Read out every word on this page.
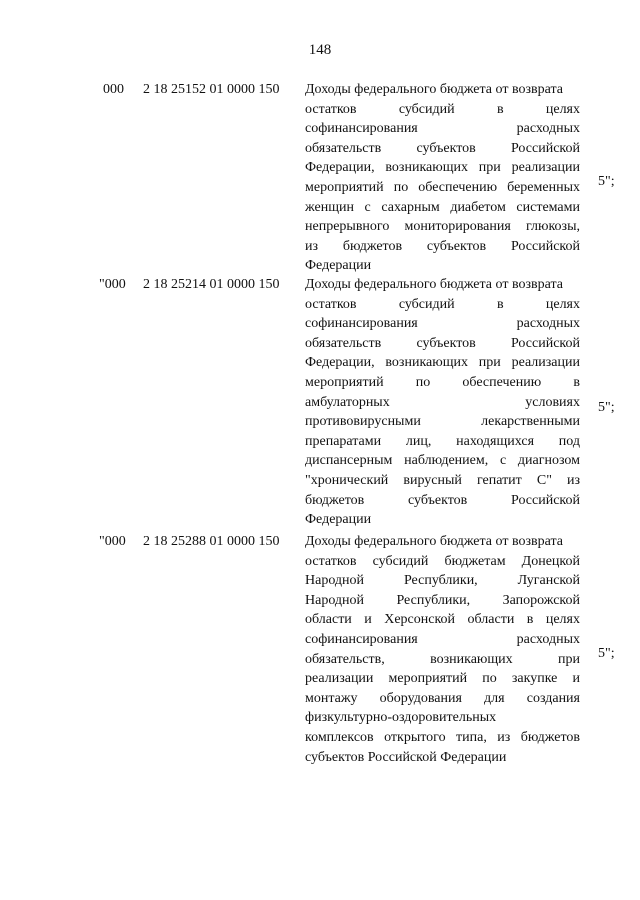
148
000 2 18 25152 01 0000 150 Доходы федерального бюджета от возврата
остатков субсидий в целях
софинансирования расходных
обязательств субъектов Российской
Федерации, возникающих при реализации
мероприятий по обеспечению беременных
женщин с сахарным диабетом системами
непрерывного мониторирования глюкозы,
из бюджетов субъектов Российской
Федерации
5";
"000 2 18 25214 01 0000 150 Доходы федерального бюджета от возврата
остатков субсидий в целях
софинансирования расходных
обязательств субъектов Российской
Федерации, возникающих при реализации
мероприятий по обеспечению в
амбулаторных условиях
противовирусными лекарственными
препаратами лиц, находящихся под
диспансерным наблюдением, с диагнозом
"хронический вирусный гепатит С" из
бюджетов субъектов Российской
Федерации
5";
"000 2 18 25288 01 0000 150 Доходы федерального бюджета от возврата
остатков субсидий бюджетам Донецкой
Народной Республики, Луганской
Народной Республики, Запорожской
области и Херсонской области в целях
софинансирования расходных
обязательств, возникающих при
реализации мероприятий по закупке и
монтажу оборудования для создания
физкультурно-оздоровительных
комплексов открытого типа, из бюджетов
субъектов Российской Федерации
5";
